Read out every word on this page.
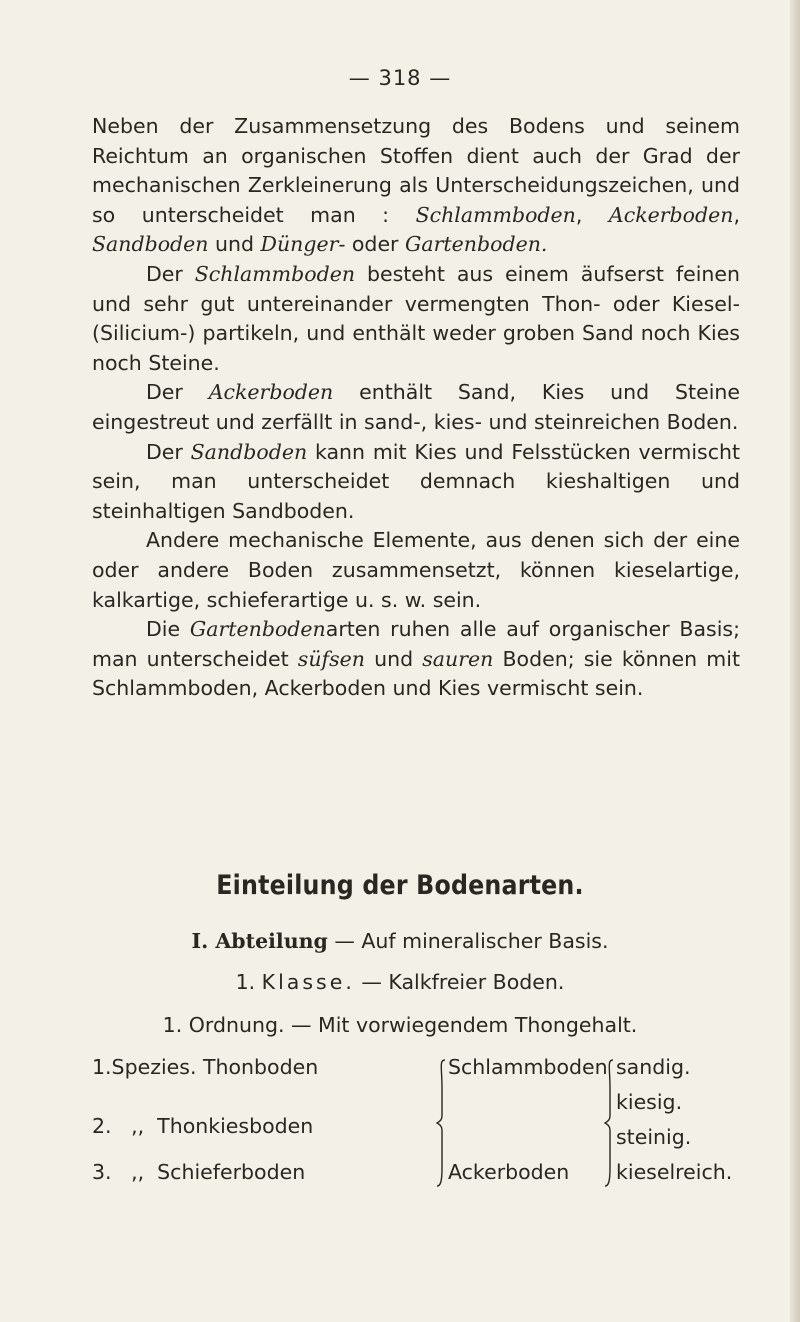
— 318 —

Neben der Zusammensetzung des Bodens und seinem Reichtum an organischen Stoffen dient auch der Grad der mechanischen Zerkleinerung als Unterscheidungszeichen, und so unterscheidet man : Schlammboden, Ackerboden, Sandboden und Dünger- oder Gartenboden.

Der Schlammboden besteht aus einem äufserst feinen und sehr gut untereinander vermengten Thon- oder Kiesel- (Silicium-) partikeln, und enthält weder groben Sand noch Kies noch Steine.

Der Ackerboden enthält Sand, Kies und Steine eingestreut und zerfällt in sand-, kies- und steinreichen Boden.

Der Sandboden kann mit Kies und Felsstücken vermischt sein, man unterscheidet demnach kieshaltigen und steinhaltigen Sandboden.

Andere mechanische Elemente, aus denen sich der eine oder andere Boden zusammensetzt, können kieselartige, kalkartige, schieferartige u. s. w. sein.

Die Gartenbodenarten ruhen alle auf organischer Basis; man unterscheidet süfsen und sauren Boden; sie können mit Schlammboden, Ackerboden und Kies vermischt sein.

Einteilung der Bodenarten.
I. Abteilung — Auf mineralischer Basis.
1. Klasse. — Kalkfreier Boden.
1. Ordnung. — Mit vorwiegendem Thongehalt.
1.Spezies. Thonboden
2.   ,,  Thonkiesboden
3.   ,,  Schieferboden
Schlammboden
Ackerboden
sandig.
kiesig.
steinig.
kieselreich.
